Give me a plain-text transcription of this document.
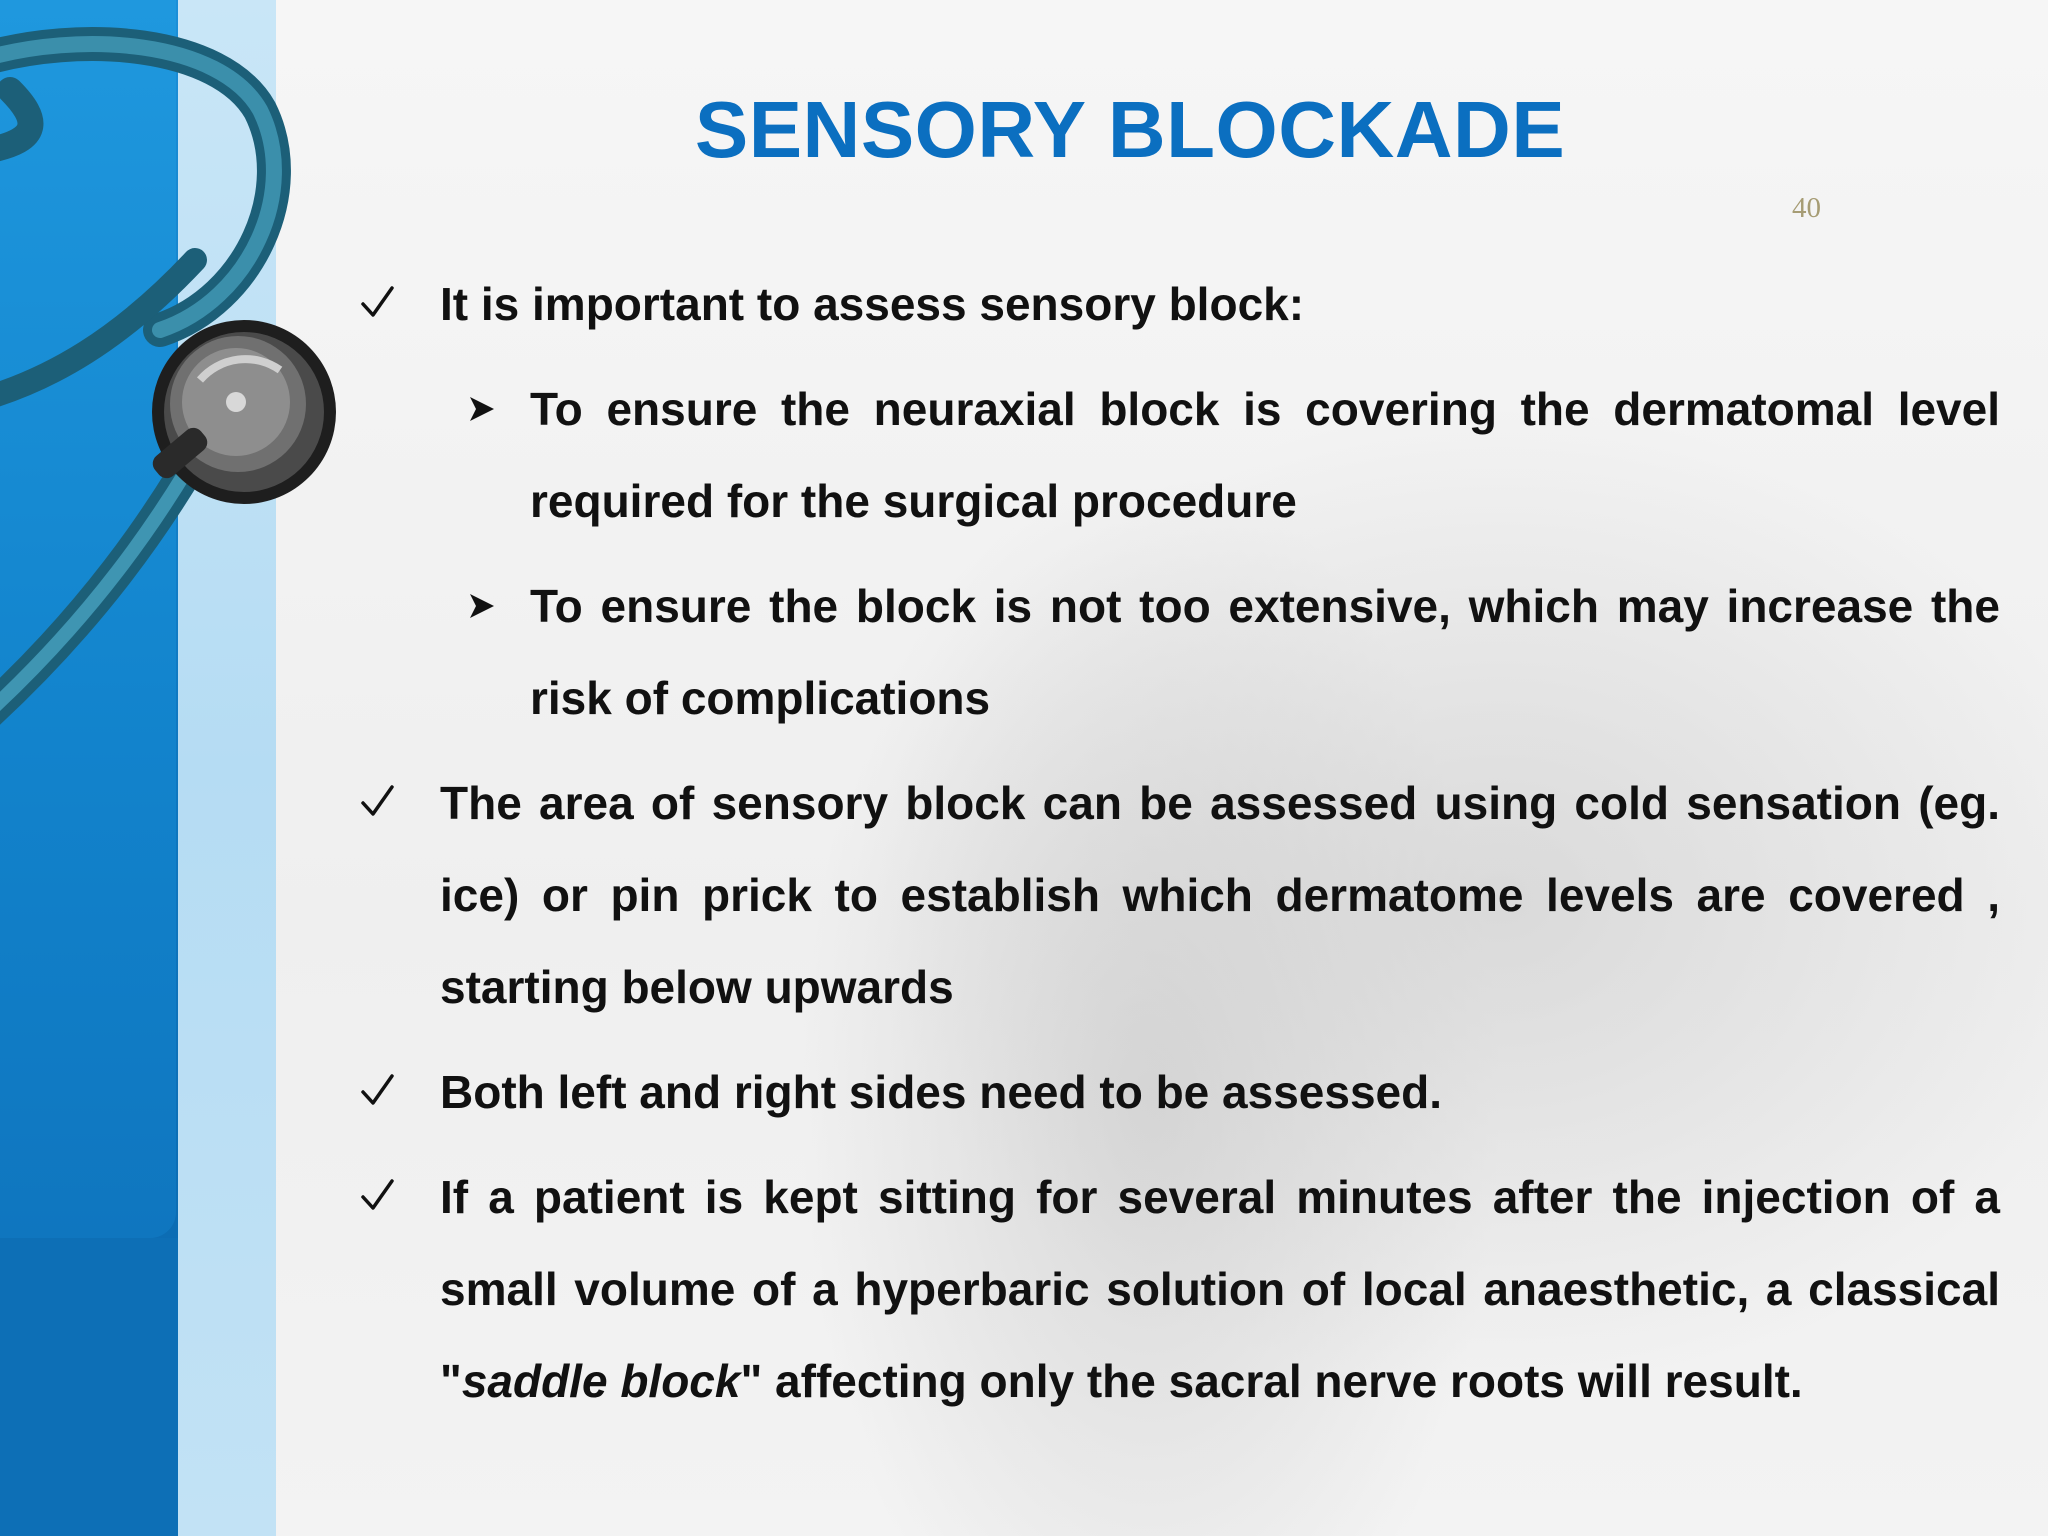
SENSORY BLOCKADE
40
It is important to assess sensory block:
To ensure the neuraxial block is covering the dermatomal level required for the surgical procedure
To ensure the block is not too extensive, which may increase the risk of complications
The area of sensory block can be assessed using cold sensation (eg. ice) or pin prick to establish which dermatome levels are covered , starting below upwards
Both left and right sides need to be assessed.
If a patient is kept sitting for several minutes after the injection of a small volume of a hyperbaric solution of local anaesthetic, a classical "saddle block" affecting only the sacral nerve roots will result.
